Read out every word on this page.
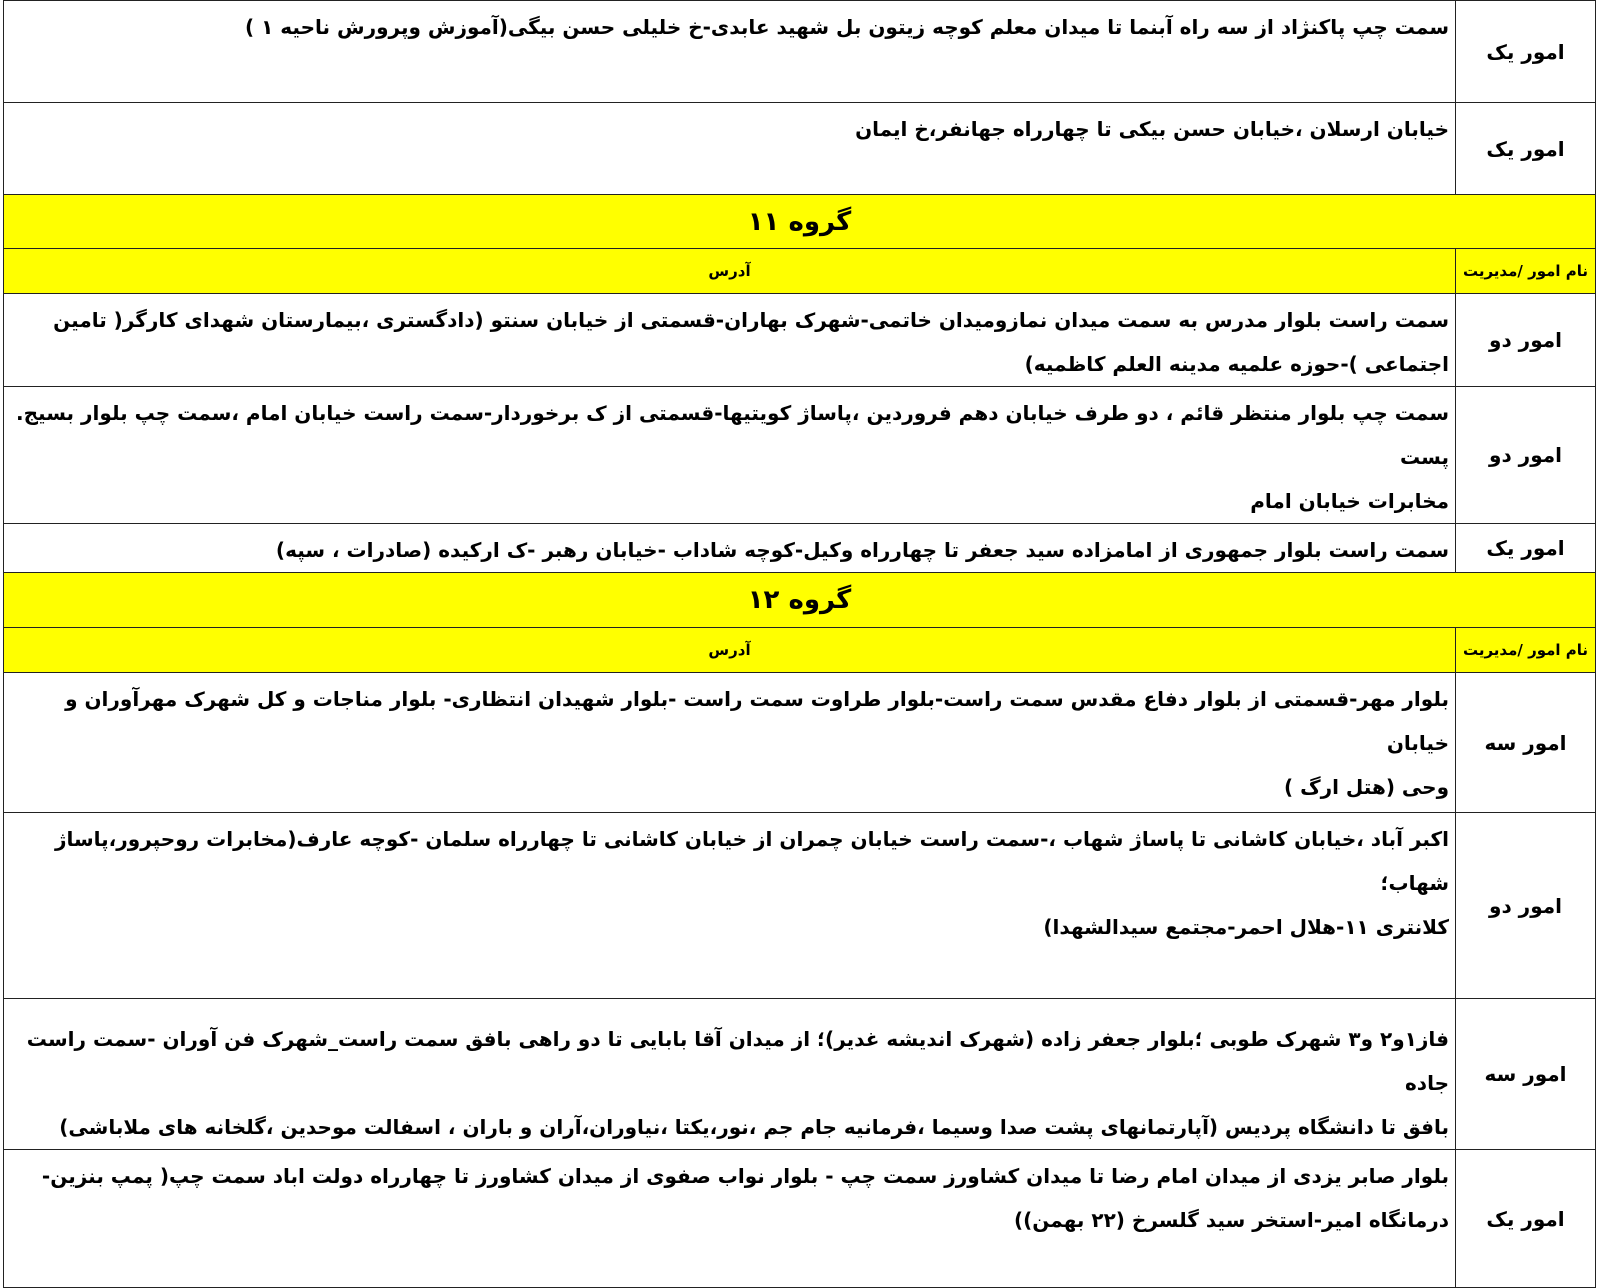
امور یک	سمت چپ پاکنژاد از سه راه آبنما تا میدان معلم کوچه زیتون بل شهید عابدی-خ خلیلی حسن بیگی(آموزش وپرورش ناحیه ۱ )

امور یک	خیابان ارسلان ،خیابان حسن بیکی تا چهارراه جهانفر،خ ایمان

گروه ۱۱	
نام امور /مدیریت	آدرس
امور دو	سمت راست بلوار مدرس به سمت میدان نمازومیدان خاتمی-شهرک بهاران-قسمتی از خیابان سنتو (دادگستری ،بیمارستان شهدای کارگر( تامین

اجتماعی )-حوزه علمیه مدینه العلم کاظمیه)

امور دو	سمت چپ بلوار منتظر قائم ، دو طرف خیابان دهم فروردین ،پاساژ کویتیها-قسمتی از ک برخوردار-سمت راست خیابان امام ،سمت چپ بلوار بسیج. پست

مخابرات خیابان امام

امور یک	سمت راست بلوار جمهوری از امامزاده سید جعفر تا چهارراه وکیل-کوچه شاداب -خیابان رهبر -ک ارکیده (صادرات ، سپه)

گروه ۱۲	
نام امور /مدیریت	آدرس
امور سه	بلوار مهر-قسمتی از بلوار دفاع مقدس سمت راست-بلوار طراوت سمت راست -بلوار شهیدان انتظاری- بلوار مناجات و کل شهرک مهرآوران و خیابان

وحی (هتل ارگ )

امور دو	اکبر آباد ،خیابان کاشانی تا پاساژ شهاب ،-سمت راست خیابان چمران از خیابان کاشانی تا چهارراه سلمان -کوچه عارف(مخابرات روحپرور،پاساژ شهاب؛

کلانتری ۱۱-هلال احمر-مجتمع سیدالشهدا)

امور سه	فاز۱و۲ و۳ شهرک طوبی ؛بلوار جعفر زاده (شهرک اندیشه غدیر)؛ از میدان آقا بابایی تا دو راهی بافق سمت راست_شهرک فن آوران -سمت راست جاده

بافق تا دانشگاه پردیس (آپارتمانهای پشت صدا وسیما ،فرمانیه جام جم ،نور،یکتا ،نیاوران،آران و باران ، اسفالت موحدین ،گلخانه های ملاباشی)

امور یک	بلوار صابر یزدی از میدان امام رضا تا میدان کشاورز سمت چپ - بلوار نواب صفوی از میدان کشاورز تا چهارراه دولت اباد سمت چپ( پمپ بنزین-

درمانگاه امیر-استخر سید گلسرخ (۲۲ بهمن))
